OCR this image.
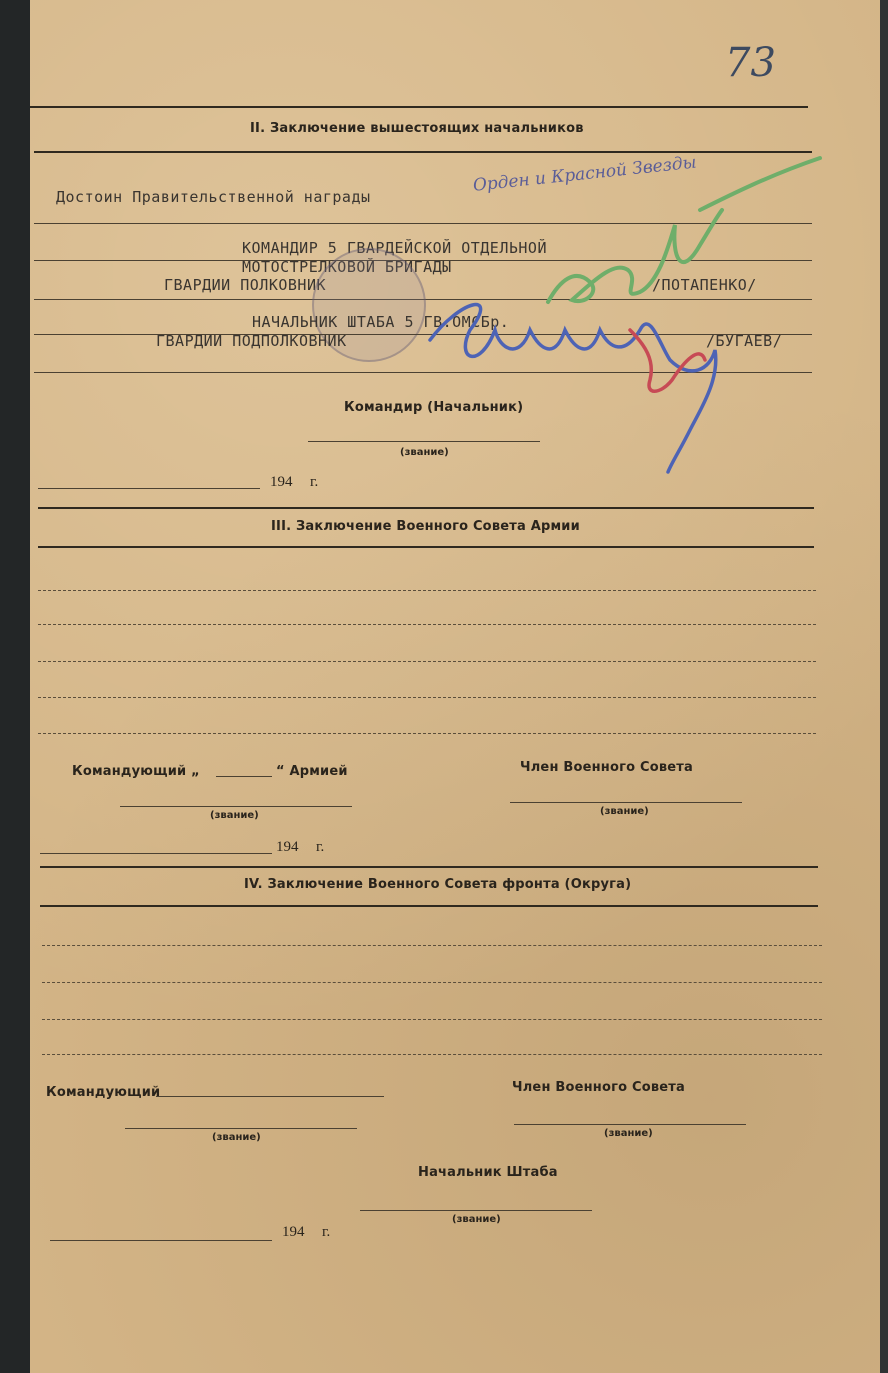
73
II. Заключение вышестоящих начальников
Достоин Правительственной награды
Орден и Красной Звезды
КОМАНДИР 5 ГВАРДЕЙСКОЙ ОТДЕЛЬНОЙ
МОТОСТРЕЛКОВОЙ БРИГАДЫ
ГВАРДИИ ПОЛКОВНИК	/ПОТАПЕНКО/
НАЧАЛЬНИК ШТАБА 5 ГВ.ОМСБр.
ГВАРДИИ ПОДПОЛКОВНИК	/БУГАЕВ/
Командир (Начальник)
(звание)
194 г.
III. Заключение Военного Совета Армии
Командующий „	“ Армией	Член Военного Совета
(звание)	(звание)
194 г.
IV. Заключение Военного Совета фронта (Округа)
Командующий	Член Военного Совета
(звание)	(звание)
Начальник Штаба
(звание)
194 г.
